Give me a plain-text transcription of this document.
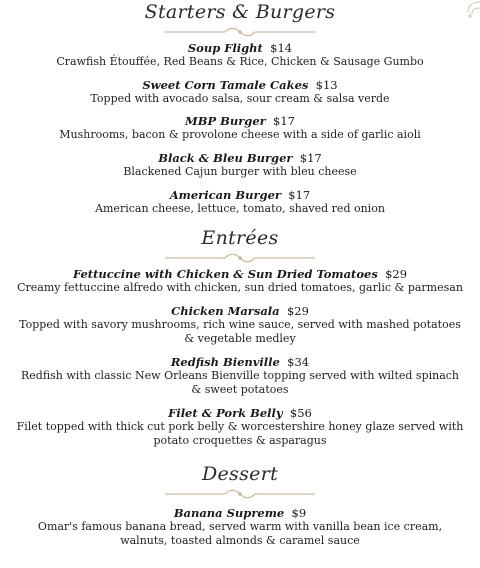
Starters & Burgers
Soup Flight $14
Crawfish Étouffée, Red Beans & Rice, Chicken & Sausage Gumbo
Sweet Corn Tamale Cakes $13
Topped with avocado salsa, sour cream & salsa verde
MBP Burger $17
Mushrooms, bacon & provolone cheese with a side of garlic aioli
Black & Bleu Burger $17
Blackened Cajun burger with bleu cheese
American Burger $17
American cheese, lettuce, tomato, shaved red onion
Entrées
Fettuccine with Chicken & Sun Dried Tomatoes $29
Creamy fettuccine alfredo with chicken, sun dried tomatoes, garlic & parmesan
Chicken Marsala $29
Topped with savory mushrooms, rich wine sauce, served with mashed potatoes
& vegetable medley
Redfish Bienville $34
Redfish with classic New Orleans Bienville topping served with wilted spinach
& sweet potatoes
Filet & Pork Belly $56
Filet topped with thick cut pork belly & worcestershire honey glaze served with
potato croquettes & asparagus
Dessert
Banana Supreme $9
Omar's famous banana bread, served warm with vanilla bean ice cream,
walnuts, toasted almonds & caramel sauce
